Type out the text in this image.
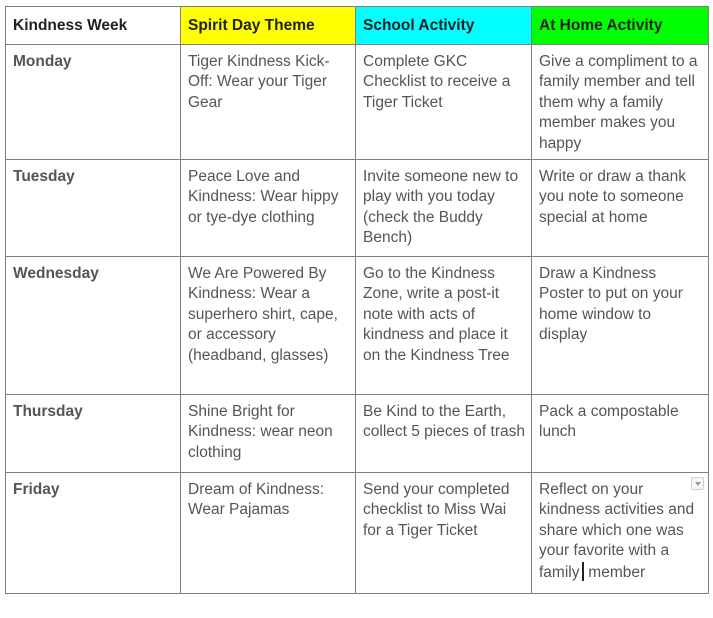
Kindness Week	Spirit Day Theme	School Activity	At Home Activity
Monday	Tiger Kindness Kick-Off: Wear your Tiger Gear	Complete GKC Checklist to receive a Tiger Ticket	Give a compliment to a family member and tell them why a family member makes you happy
Tuesday	Peace Love and Kindness: Wear hippy or tye-dye clothing	Invite someone new to play with you today (check the Buddy Bench)	Write or draw a thank you note to someone special at home
Wednesday	We Are Powered By Kindness: Wear a superhero shirt, cape, or accessory (headband, glasses)	Go to the Kindness Zone, write a post-it note with acts of kindness and place it on the Kindness Tree	Draw a Kindness Poster to put on your home window to display
Thursday	Shine Bright for Kindness: wear neon clothing	Be Kind to the Earth, collect 5 pieces of trash	Pack a compostable lunch
Friday	Dream of Kindness: Wear Pajamas	Send your completed checklist to Miss Wai for a Tiger Ticket	Reflect on your kindness activities and share which one was your favorite with a family member
